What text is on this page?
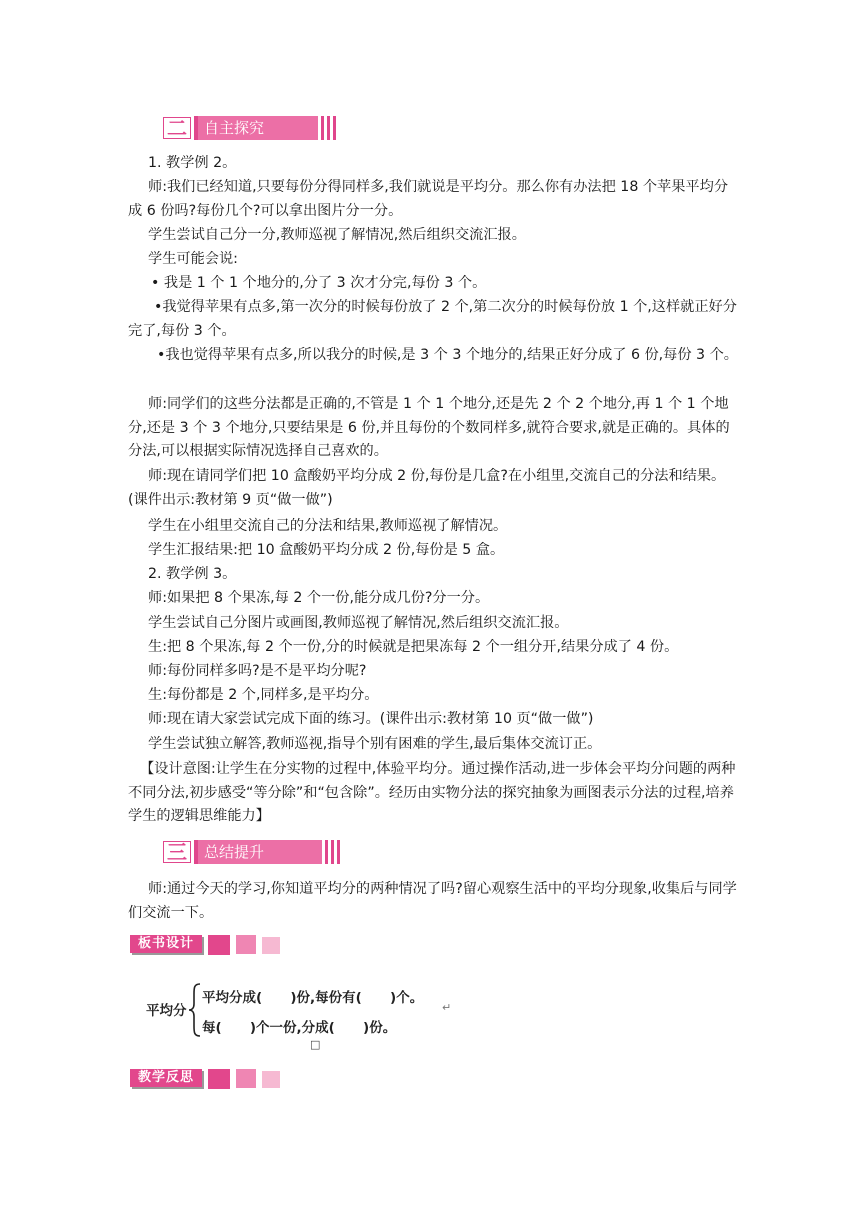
二	自主探究

1. 教学例 2。

师:我们已经知道,只要每份分得同样多,我们就说是平均分。那么你有办法把 18 个苹果平均分成 6 份吗?每份几个?可以拿出图片分一分。

学生尝试自己分一分,教师巡视了解情况,然后组织交流汇报。

学生可能会说:

• 我是 1 个 1 个地分的,分了 3 次才分完,每份 3 个。

•我觉得苹果有点多,第一次分的时候每份放了 2 个,第二次分的时候每份放 1 个,这样就正好分完了,每份 3 个。

•我也觉得苹果有点多,所以我分的时候,是 3 个 3 个地分的,结果正好分成了 6 份,每份 3 个。

师:同学们的这些分法都是正确的,不管是 1 个 1 个地分,还是先 2 个 2 个地分,再 1 个 1 个地分,还是 3 个 3 个地分,只要结果是 6 份,并且每份的个数同样多,就符合要求,就是正确的。具体的分法,可以根据实际情况选择自己喜欢的。

师:现在请同学们把 10 盒酸奶平均分成 2 份,每份是几盒?在小组里,交流自己的分法和结果。(课件出示:教材第 9 页“做一做”)

学生在小组里交流自己的分法和结果,教师巡视了解情况。

学生汇报结果:把 10 盒酸奶平均分成 2 份,每份是 5 盒。

2. 教学例 3。

师:如果把 8 个果冻,每 2 个一份,能分成几份?分一分。

学生尝试自己分图片或画图,教师巡视了解情况,然后组织交流汇报。

生:把 8 个果冻,每 2 个一份,分的时候就是把果冻每 2 个一组分开,结果分成了 4 份。

师:每份同样多吗?是不是平均分呢?

生:每份都是 2 个,同样多,是平均分。

师:现在请大家尝试完成下面的练习。(课件出示:教材第 10 页“做一做”)

学生尝试独立解答,教师巡视,指导个别有困难的学生,最后集体交流订正。

【设计意图:让学生在分实物的过程中,体验平均分。通过操作活动,进一步体会平均分问题的两种不同分法,初步感受“等分除”和“包含除”。经历由实物分法的探究抽象为画图表示分法的过程,培养学生的逻辑思维能力】

三	总结提升

师:通过今天的学习,你知道平均分的两种情况了吗?留心观察生活中的平均分现象,收集后与同学们交流一下。

板书设计
平均分
平均分成(      )份,每份有(      )个。
↵
每(      )个一份,分成(      )份。
□
教学反思
